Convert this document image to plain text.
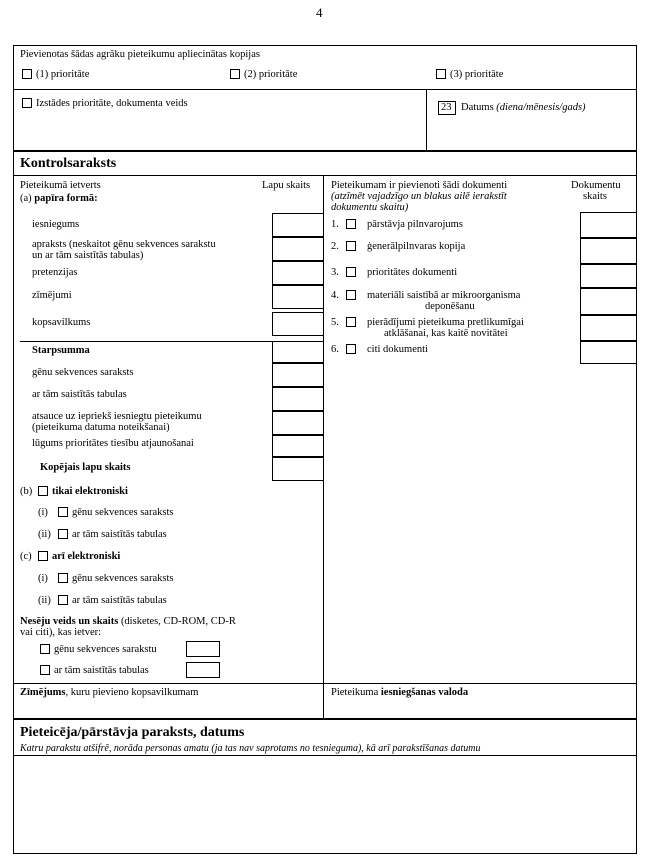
4
Pievienotas šādas agrāku pieteikumu apliecinātas kopijas
(1) prioritāte	(2) prioritāte	(3) prioritāte
Izstādes prioritāte, dokumenta veids	23 Datums (diena/mēnesis/gads)
Kontrolsaraksts
Pieteikumā ietverts	Lapu skaits
(a) papīra formā:
iesniegums
apraksts (neskaitot gēnu sekvences sarakstu
un ar tām saistītās tabulas)
pretenzijas
zīmējumi
kopsavilkums
Starpsumma
gēnu sekvences saraksts
ar tām saistītās tabulas
atsauce uz iepriekš iesniegtu pieteikumu
(pieteikuma datuma noteikšanai)
lūgums prioritātes tiesību atjaunošanai
Kopējais lapu skaits
(b) tikai elektroniski
(i) gēnu sekvences saraksts
(ii) ar tām saistītās tabulas
(c) arī elektroniski
(i) gēnu sekvences saraksts
(ii) ar tām saistītās tabulas
Nesēju veids un skaits (disketes, CD-ROM, CD-R
vai citi), kas ietver:
gēnu sekvences sarakstu
ar tām saistītās tabulas
Pieteikumam ir pievienoti šādi dokumenti
(atzīmēt vajadzīgo un blakus ailē ierakstīt
dokumentu skaitu)
Dokumentu
skaits
1.	pārstāvja pilnvarojums
2.	ģenerālpilnvaras kopija
3.	prioritātes dokumenti
4.	materiāli saistībā ar mikroorganisma
deponēšanu
5.	pierādījumi pieteikuma pretlikumīgai
atklāšanai, kas kaitē novitātei
6.	citi dokumenti
Zīmējums, kuru pievieno kopsavilkumam	Pieteikuma iesniegšanas valoda
Pieteicēja/pārstāvja paraksts, datums
Katru parakstu atšifrē, norāda personas amatu (ja tas nav saprotams no tesnieguma), kā arī parakstīšanas datumu
